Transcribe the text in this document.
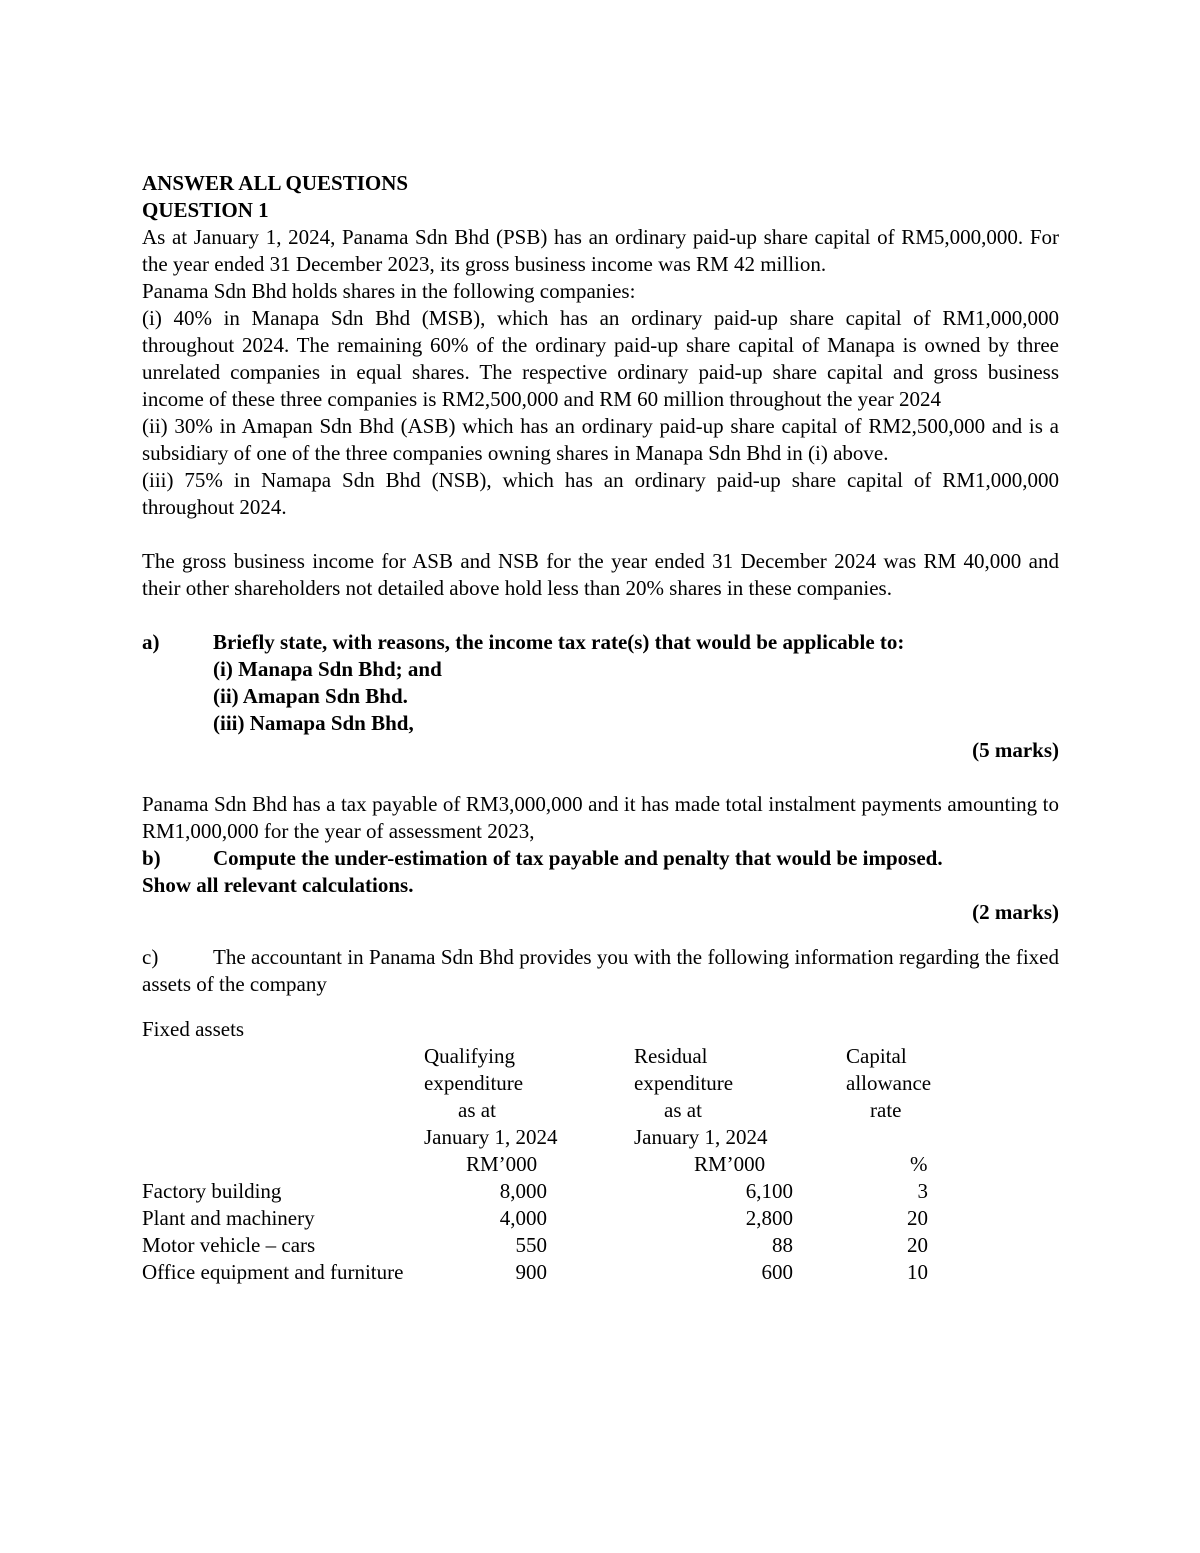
ANSWER ALL QUESTIONS

QUESTION 1

As at January 1, 2024, Panama Sdn Bhd (PSB) has an ordinary paid-up share capital of RM5,000,000. For the year ended 31 December 2023, its gross business income was RM 42 million.

Panama Sdn Bhd holds shares in the following companies:

(i) 40% in Manapa Sdn Bhd (MSB), which has an ordinary paid-up share capital of RM1,000,000 throughout 2024. The remaining 60% of the ordinary paid-up share capital of Manapa is owned by three unrelated companies in equal shares. The respective ordinary paid-up share capital and gross business income of these three companies is RM2,500,000 and RM 60 million throughout the year 2024

(ii) 30% in Amapan Sdn Bhd (ASB) which has an ordinary paid-up share capital of RM2,500,000 and is a subsidiary of one of the three companies owning shares in Manapa Sdn Bhd in (i) above.

(iii) 75% in Namapa Sdn Bhd (NSB), which has an ordinary paid-up share capital of RM1,000,000 throughout 2024.

The gross business income for ASB and NSB for the year ended 31 December 2024 was RM 40,000 and their other shareholders not detailed above hold less than 20% shares in these companies.

a)	Briefly state, with reasons, the income tax rate(s) that would be applicable to:

(i) Manapa Sdn Bhd; and

(ii) Amapan Sdn Bhd.

(iii) Namapa Sdn Bhd,

(5 marks)

Panama Sdn Bhd has a tax payable of RM3,000,000 and it has made total instalment payments amounting to RM1,000,000 for the year of assessment 2023,

b)	Compute the under-estimation of tax payable and penalty that would be imposed.

Show all relevant calculations.

(2 marks)

c)	The accountant in Panama Sdn Bhd provides you with the following information regarding the fixed assets of the company

Fixed assets

	Qualifying	Residual	Capital
	expenditure	expenditure	allowance
	as at	as at	rate
	January 1, 2024	January 1, 2024	
	RM’000	RM’000	%
Factory building	8,000	6,100	3
Plant and machinery	4,000	2,800	20
Motor vehicle – cars	550	88	20
Office equipment and furniture	900	600	10
